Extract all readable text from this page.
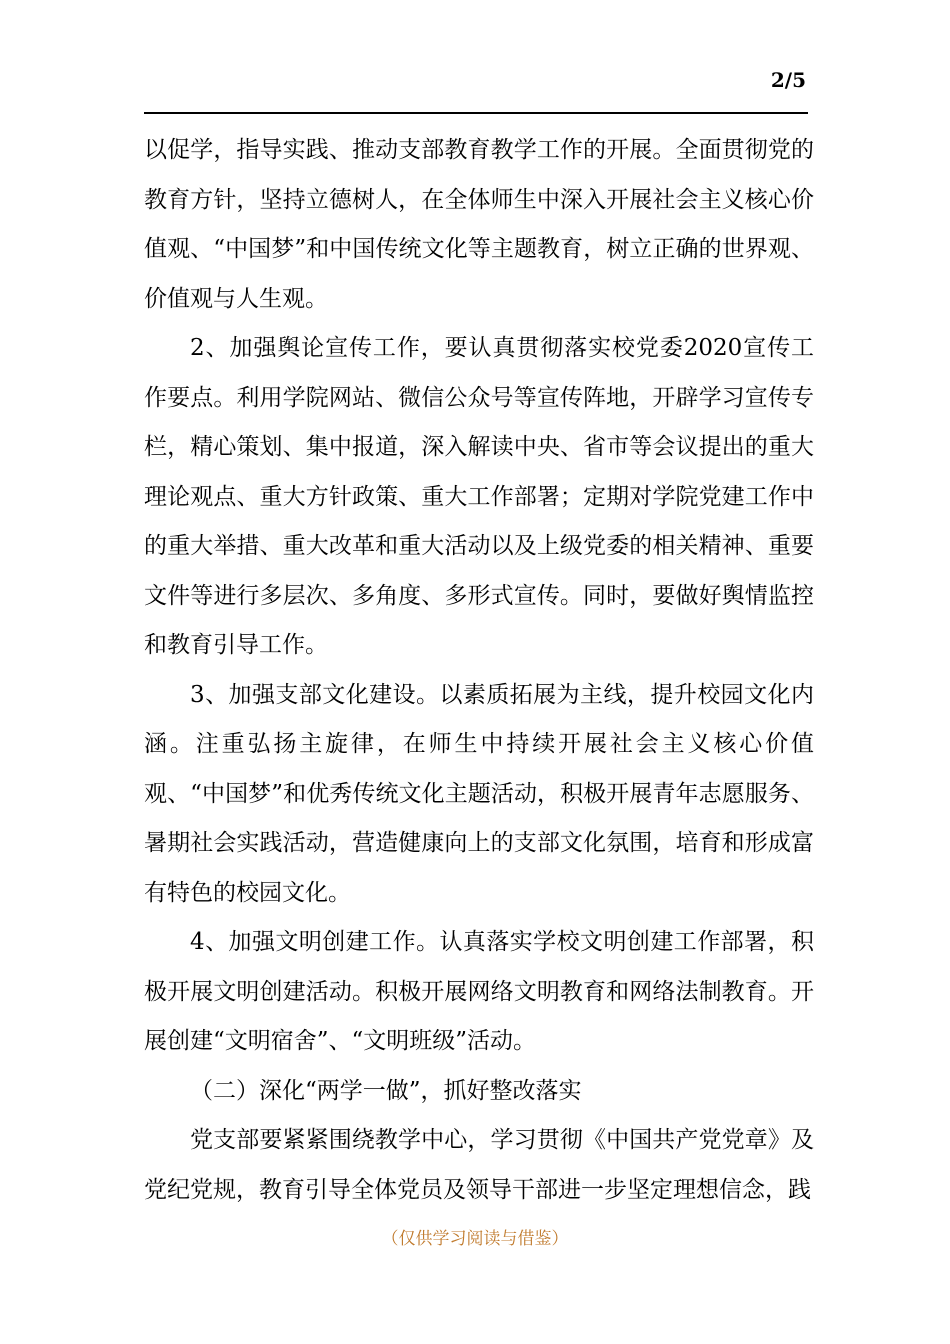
2/5

以促学，指导实践、推动支部教育教学工作的开展。全面贯彻党的教育方针，坚持立德树人，在全体师生中深入开展社会主义核心价值观、“中国梦”和中国传统文化等主题教育，树立正确的世界观、价值观与人生观。

2、加强舆论宣传工作，要认真贯彻落实校党委2020宣传工作要点。利用学院网站、微信公众号等宣传阵地，开辟学习宣传专栏，精心策划、集中报道，深入解读中央、省市等会议提出的重大理论观点、重大方针政策、重大工作部署；定期对学院党建工作中的重大举措、重大改革和重大活动以及上级党委的相关精神、重要文件等进行多层次、多角度、多形式宣传。同时，要做好舆情监控和教育引导工作。

3、加强支部文化建设。以素质拓展为主线，提升校园文化内涵。注重弘扬主旋律，在师生中持续开展社会主义核心价值观、“中国梦”和优秀传统文化主题活动，积极开展青年志愿服务、暑期社会实践活动，营造健康向上的支部文化氛围，培育和形成富有特色的校园文化。

4、加强文明创建工作。认真落实学校文明创建工作部署，积极开展文明创建活动。积极开展网络文明教育和网络法制教育。开展创建“文明宿舍”、“文明班级”活动。

（二）深化“两学一做”，抓好整改落实

党支部要紧紧围绕教学中心，学习贯彻《中国共产党党章》及党纪党规，教育引导全体党员及领导干部进一步坚定理想信念，践

（仅供学习阅读与借鉴）
